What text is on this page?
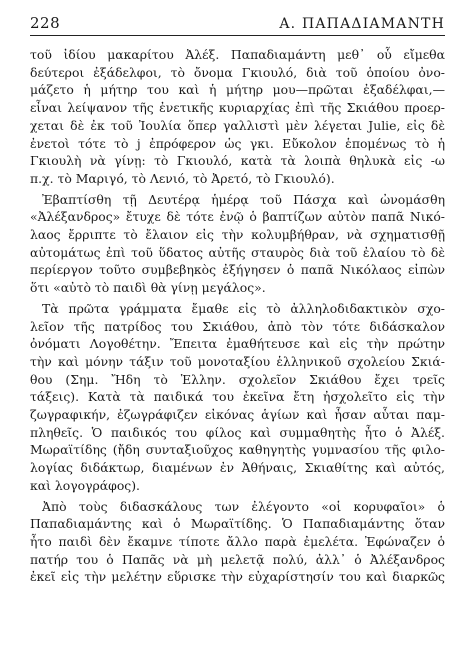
228	Α. ΠΑΠΑΔΙΑΜΑΝΤΗ

τοῦ ἰδίου μακαρίτου Ἀλέξ. Παπαδιαμάντη μεθ᾽ οὗ εἴμεθα
δεύτεροι ἐξάδελφοι, τὸ ὄνομα Γκιουλό, διὰ τοῦ ὁποίου ὀνο-
μάζετο ἡ μήτηρ του καὶ ἡ μήτηρ μου—πρῶται ἐξαδέλφαι,—
εἶναι λείψανον τῆς ἐνετικῆς κυριαρχίας ἐπὶ τῆς Σκιάθου προερ-
χεται δὲ ἐκ τοῦ Ἰουλία ὅπερ γαλλιστὶ μὲν λέγεται Julie, εἰς δὲ
ἐνετοὶ τότε τὸ j ἐπρόφερον ὡς γκι. Εὔκολον ἑπομένως τὸ ἡ
Γκιουλὴ νὰ γίνῃ: τὸ Γκιουλό, κατὰ τὰ λοιπὰ θηλυκὰ εἰς -ω
π.χ. τὸ Μαριγό, τὸ Λενιό, τὸ Ἀρετό, τὸ Γκιουλό).

Ἐβαπτίσθη τῇ Δευτέρᾳ ἡμέρᾳ τοῦ Πάσχα καὶ ὠνομάσθη
«Ἀλέξανδρος» ἔτυχε δὲ τότε ἐνῷ ὁ βαπτίζων αὐτὸν παπᾶ Νικό-
λαος ἔρριπτε τὸ ἔλαιον εἰς τὴν κολυμβήθραν, νὰ σχηματισθῇ
αὐτομάτως ἐπὶ τοῦ ὕδατος αὐτῆς σταυρὸς διὰ τοῦ ἐλαίου τὸ δὲ
περίεργον τοῦτο συμβεβηκὸς ἐξήγησεν ὁ παπᾶ Νικόλαος εἰπὼν
ὅτι «αὐτὸ τὸ παιδὶ θὰ γίνῃ μεγάλος».

Τὰ πρῶτα γράμματα ἔμαθε εἰς τὸ ἀλληλοδιδακτικὸν σχο-
λεῖον τῆς πατρίδος του Σκιάθου, ἀπὸ τὸν τότε διδάσκαλον
ὀνόματι Λογοθέτην. Ἔπειτα ἐμαθήτευσε καὶ εἰς τὴν πρώτην
τὴν καὶ μόνην τάξιν τοῦ μονοταξίου ἑλληνικοῦ σχολείου Σκιά-
θου (Σημ. Ἤδη τὸ Ἑλλην. σχολεῖον Σκιάθου ἔχει τρεῖς
τάξεις). Κατὰ τὰ παιδικά του ἐκεῖνα ἔτη ἠσχολεῖτο εἰς τὴν
ζωγραφικήν, ἐζωγράφιζεν εἰκόνας ἁγίων καὶ ἦσαν αὗται παμ-
πληθεῖς. Ὁ παιδικός του φίλος καὶ συμμαθητὴς ἦτο ὁ Ἀλέξ.
Μωραϊτίδης (ἤδη συνταξιοῦχος καθηγητὴς γυμνασίου τῆς φιλο-
λογίας διδάκτωρ, διαμένων ἐν Ἀθήναις, Σκιαθίτης καὶ αὐτός,
καὶ λογογράφος).

Ἀπὸ τοὺς διδασκάλους των ἐλέγοντο «οἱ κορυφαῖοι» ὁ
Παπαδιαμάντης καὶ ὁ Μωραϊτίδης. Ὁ Παπαδιαμάντης ὅταν
ἦτο παιδὶ δὲν ἔκαμνε τίποτε ἄλλο παρὰ ἐμελέτα. Ἐφώναζεν ὁ
πατήρ του ὁ Παπᾶς νὰ μὴ μελετᾷ πολύ, ἀλλ᾽ ὁ Ἀλέξανδρος
ἐκεῖ εἰς τὴν μελέτην εὕρισκε τὴν εὐχαρίστησίν του καὶ διαρκῶς
